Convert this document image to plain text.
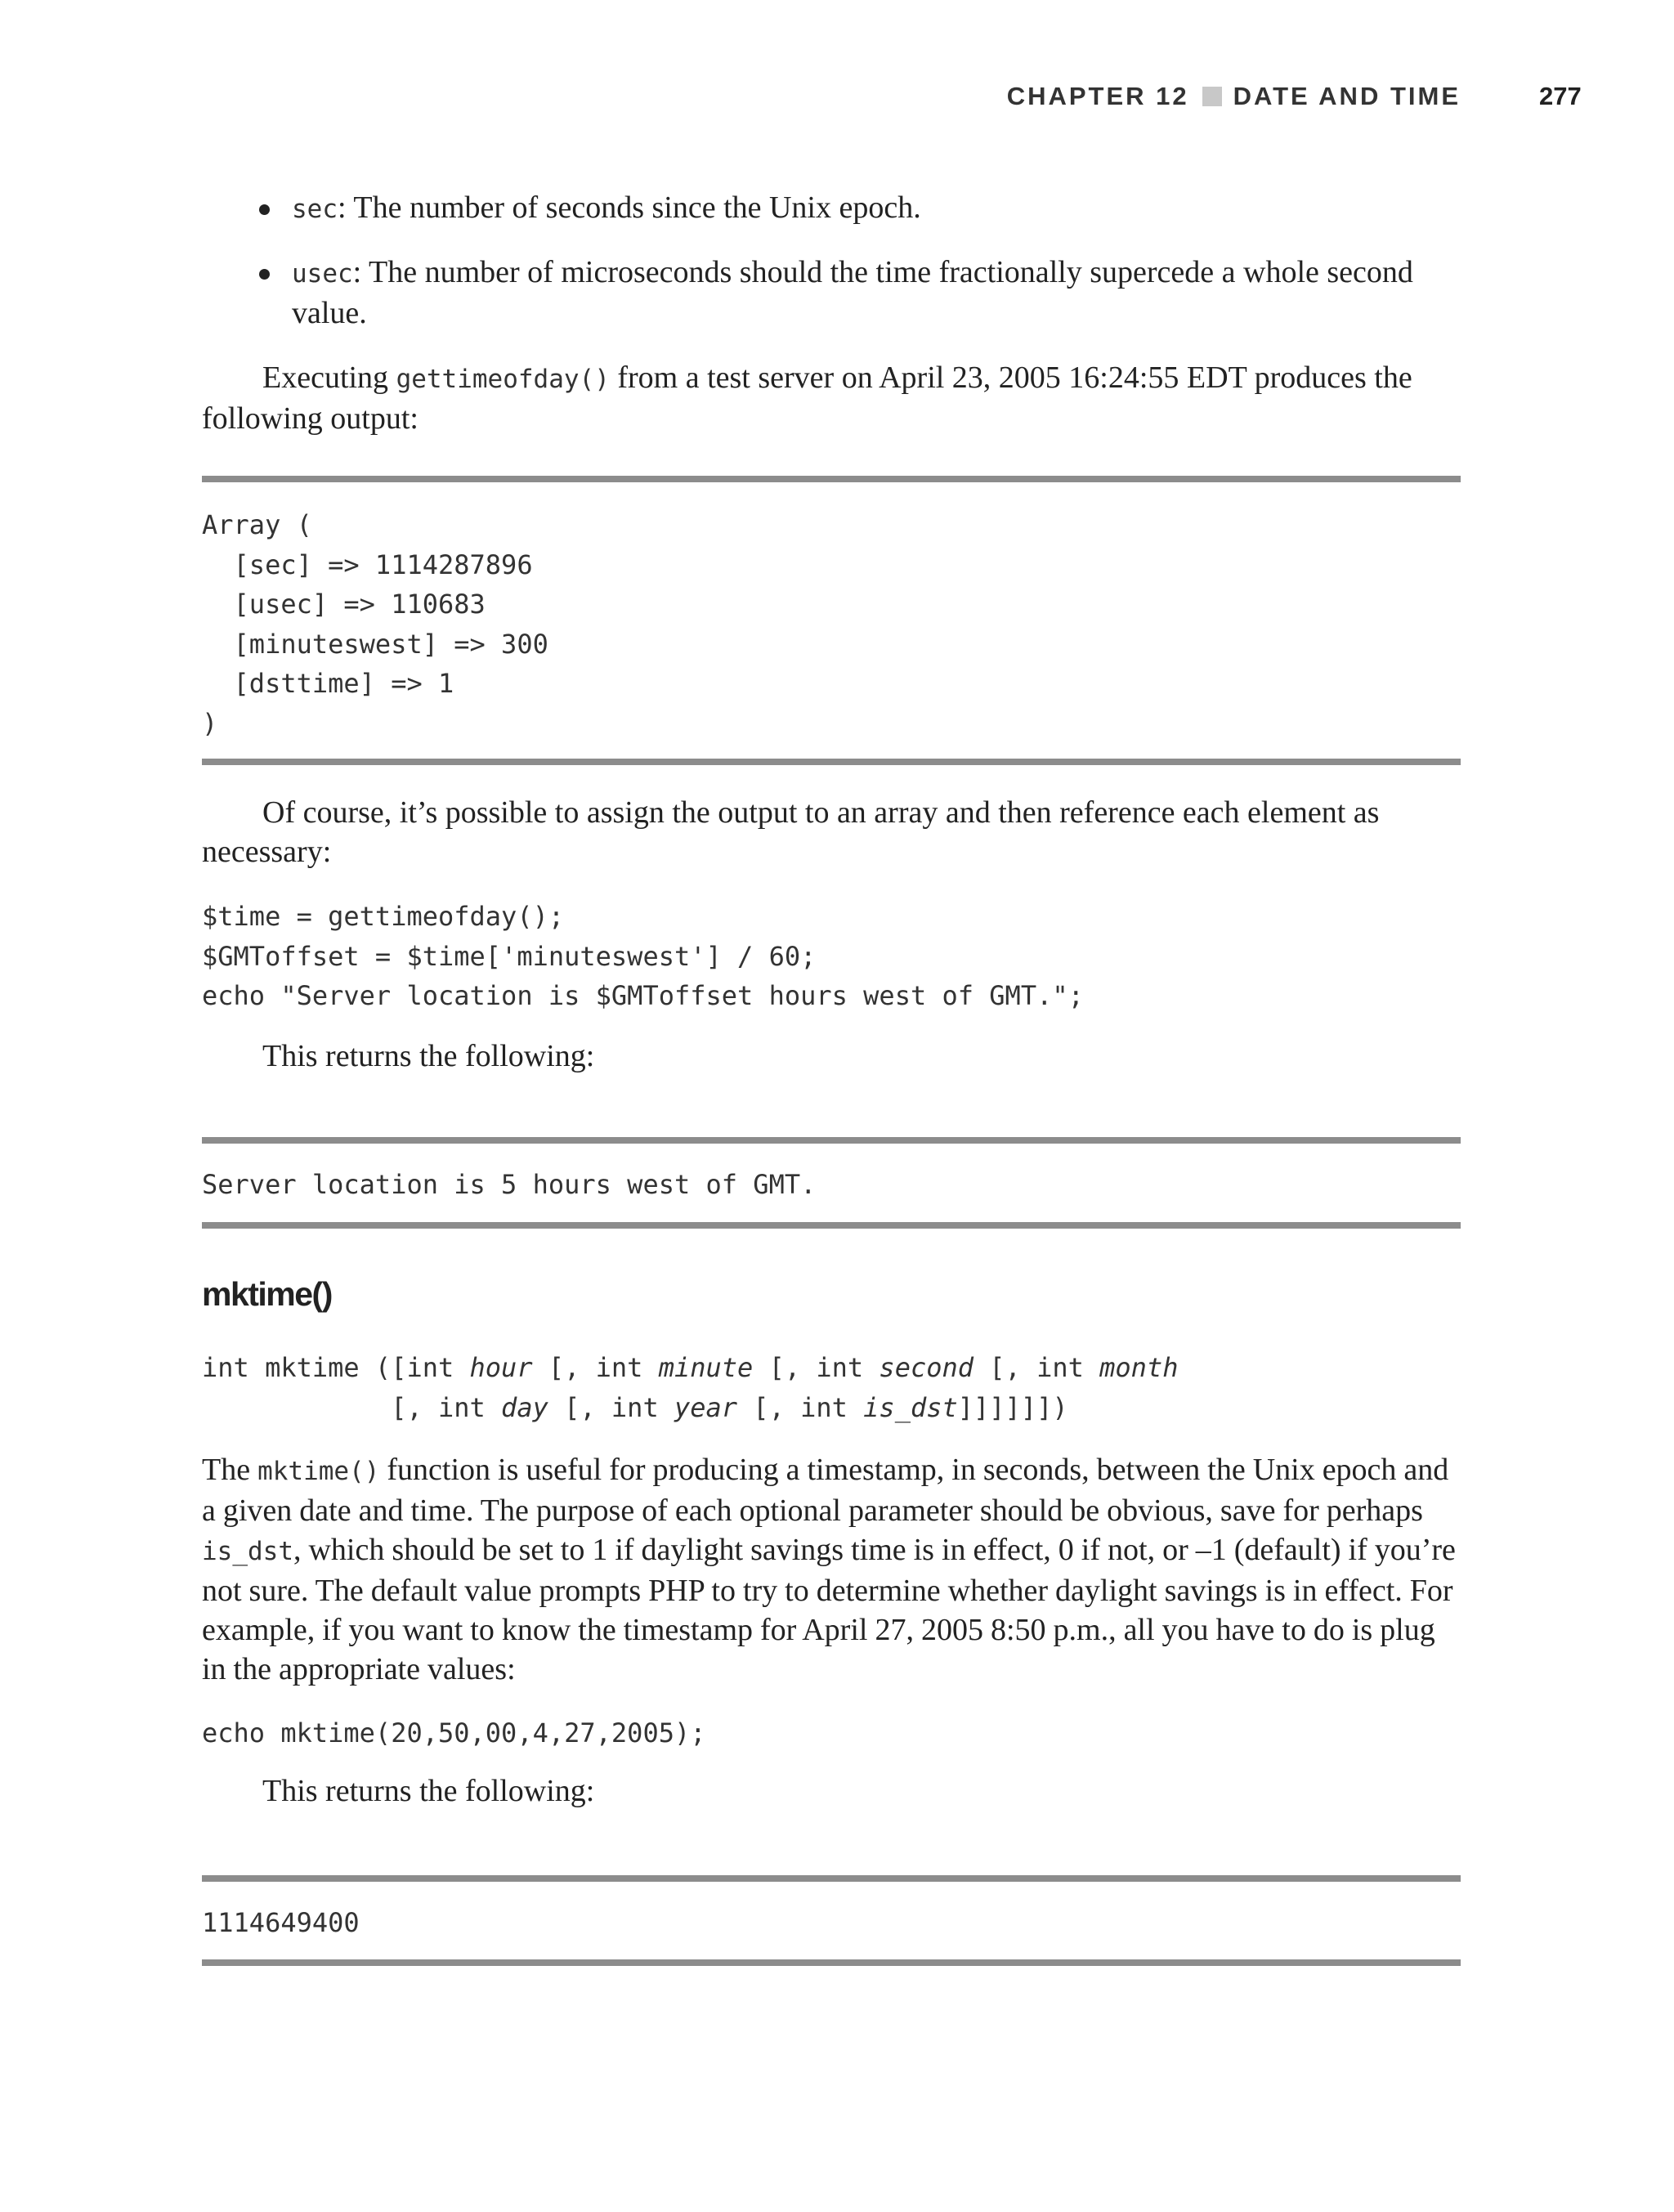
CHAPTER 12 DATE AND TIME	277
sec: The number of seconds since the Unix epoch.
usec: The number of microseconds should the time fractionally supercede a whole second value.

Executing gettimeofday() from a test server on April 23, 2005 16:24:55 EDT produces the following output:

Array (
[sec] => 1114287896
[usec] => 110683
[minuteswest] => 300
[dsttime] => 1
)

Of course, it’s possible to assign the output to an array and then reference each element as necessary:

$time = gettimeofday();
$GMToffset = $time['minuteswest'] / 60;
echo "Server location is $GMToffset hours west of GMT.";

This returns the following:

Server location is 5 hours west of GMT.
mktime()
int mktime ([int hour [, int minute [, int second [, int month
[, int day [, int year [, int is_dst]]]]]])

The mktime() function is useful for producing a timestamp, in seconds, between the Unix epoch and a given date and time. The purpose of each optional parameter should be obvious, save for perhaps is_dst, which should be set to 1 if daylight savings time is in effect, 0 if not, or –1 (default) if you’re not sure. The default value prompts PHP to try to determine whether daylight savings is in effect. For example, if you want to know the timestamp for April 27, 2005 8:50 p.m., all you have to do is plug in the appropriate values:

echo mktime(20,50,00,4,27,2005);

This returns the following:

1114649400
